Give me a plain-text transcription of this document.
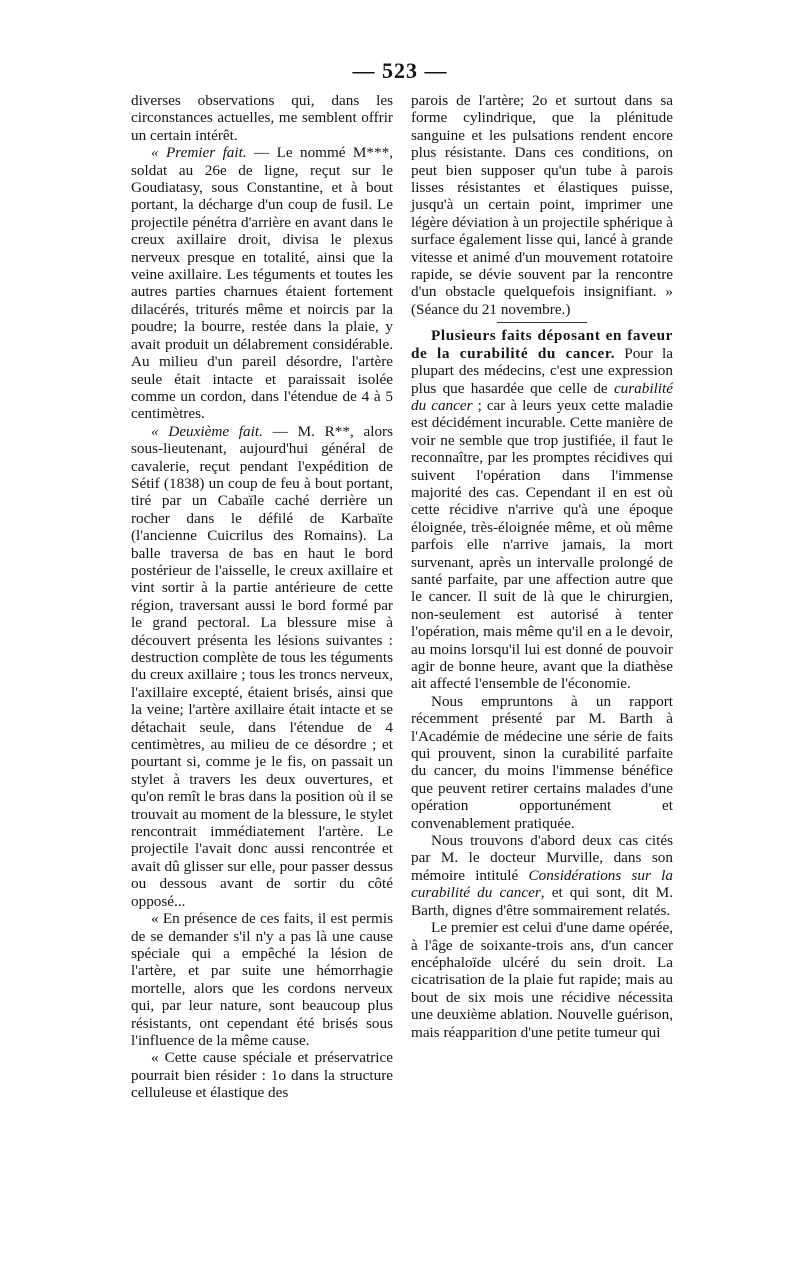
— 523 —

diverses observations qui, dans les circonstances actuelles, me semblent offrir un certain intérêt.

« Premier fait. — Le nommé M***, soldat au 26e de ligne, reçut sur le Goudiatasy, sous Constantine, et à bout portant, la décharge d'un coup de fusil. Le projectile pénétra d'arrière en avant dans le creux axillaire droit, divisa le plexus nerveux presque en totalité, ainsi que la veine axillaire. Les téguments et toutes les autres parties charnues étaient fortement dilacérés, triturés même et noircis par la poudre; la bourre, restée dans la plaie, y avait produit un délabrement considérable. Au milieu d'un pareil désordre, l'artère seule était intacte et paraissait isolée comme un cordon, dans l'étendue de 4 à 5 centimètres.

« Deuxième fait. — M. R**, alors sous-lieutenant, aujourd'hui général de cavalerie, reçut pendant l'expédition de Sétif (1838) un coup de feu à bout portant, tiré par un Cabaïle caché derrière un rocher dans le défilé de Karbaïte (l'ancienne Cuicrilus des Romains). La balle traversa de bas en haut le bord postérieur de l'aisselle, le creux axillaire et vint sortir à la partie antérieure de cette région, traversant aussi le bord formé par le grand pectoral. La blessure mise à découvert présenta les lésions suivantes : destruction complète de tous les téguments du creux axillaire ; tous les troncs nerveux, l'axillaire excepté, étaient brisés, ainsi que la veine; l'artère axillaire était intacte et se détachait seule, dans l'étendue de 4 centimètres, au milieu de ce désordre ; et pourtant si, comme je le fis, on passait un stylet à travers les deux ouvertures, et qu'on remît le bras dans la position où il se trouvait au moment de la blessure, le stylet rencontrait immédiatement l'artère. Le projectile l'avait donc aussi rencontrée et avait dû glisser sur elle, pour passer dessus ou dessous avant de sortir du côté opposé...

« En présence de ces faits, il est permis de se demander s'il n'y a pas là une cause spéciale qui a empêché la lésion de l'artère, et par suite une hémorrhagie mortelle, alors que les cordons nerveux qui, par leur nature, sont beaucoup plus résistants, ont cependant été brisés sous l'influence de la même cause.

« Cette cause spéciale et préservatrice pourrait bien résider : 1o dans la structure celluleuse et élastique des

parois de l'artère; 2o et surtout dans sa forme cylindrique, que la plénitude sanguine et les pulsations rendent encore plus résistante. Dans ces conditions, on peut bien supposer qu'un tube à parois lisses résistantes et élastiques puisse, jusqu'à un certain point, imprimer une légère déviation à un projectile sphérique à surface également lisse qui, lancé à grande vitesse et animé d'un mouvement rotatoire rapide, se dévie souvent par la rencontre d'un obstacle quelquefois insignifiant. » (Séance du 21 novembre.)

Plusieurs faits déposant en faveur de la curabilité du cancer. Pour la plupart des médecins, c'est une expression plus que hasardée que celle de curabilité du cancer ; car à leurs yeux cette maladie est décidément incurable. Cette manière de voir ne semble que trop justifiée, il faut le reconnaître, par les promptes récidives qui suivent l'opération dans l'immense majorité des cas. Cependant il en est où cette récidive n'arrive qu'à une époque éloignée, très-éloignée même, et où même parfois elle n'arrive jamais, la mort survenant, après un intervalle prolongé de santé parfaite, par une affection autre que le cancer. Il suit de là que le chirurgien, non-seulement est autorisé à tenter l'opération, mais même qu'il en a le devoir, au moins lorsqu'il lui est donné de pouvoir agir de bonne heure, avant que la diathèse ait affecté l'ensemble de l'économie.

Nous empruntons à un rapport récemment présenté par M. Barth à l'Académie de médecine une série de faits qui prouvent, sinon la curabilité parfaite du cancer, du moins l'immense bénéfice que peuvent retirer certains malades d'une opération opportunément et convenablement pratiquée.

Nous trouvons d'abord deux cas cités par M. le docteur Murville, dans son mémoire intitulé Considérations sur la curabilité du cancer, et qui sont, dit M. Barth, dignes d'être sommairement relatés.

Le premier est celui d'une dame opérée, à l'âge de soixante-trois ans, d'un cancer encéphaloïde ulcéré du sein droit. La cicatrisation de la plaie fut rapide; mais au bout de six mois une récidive nécessita une deuxième ablation. Nouvelle guérison, mais réapparition d'une petite tumeur qui
